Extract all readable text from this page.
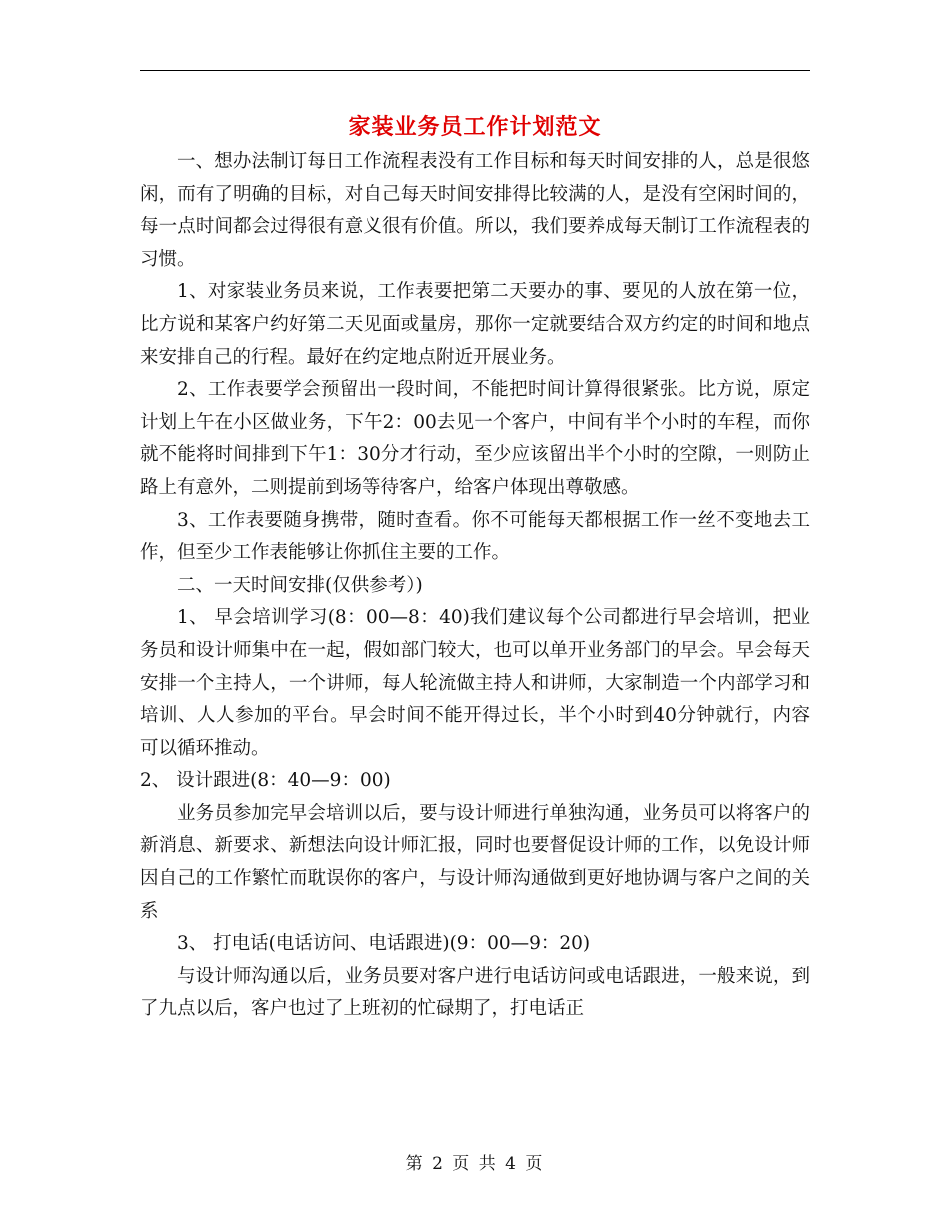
家装业务员工作计划范文

一、想办法制订每日工作流程表没有工作目标和每天时间安排的人，总是很悠闲，而有了明确的目标，对自己每天时间安排得比较满的人，是没有空闲时间的，每一点时间都会过得很有意义很有价值。所以，我们要养成每天制订工作流程表的习惯。

1、对家装业务员来说，工作表要把第二天要办的事、要见的人放在第一位，比方说和某客户约好第二天见面或量房，那你一定就要结合双方约定的时间和地点来安排自己的行程。最好在约定地点附近开展业务。

2、工作表要学会预留出一段时间，不能把时间计算得很紧张。比方说，原定计划上午在小区做业务，下午2：00去见一个客户，中间有半个小时的车程，而你就不能将时间排到下午1：30分才行动，至少应该留出半个小时的空隙，一则防止路上有意外，二则提前到场等待客户，给客户体现出尊敬感。

3、工作表要随身携带，随时查看。你不可能每天都根据工作一丝不变地去工作，但至少工作表能够让你抓住主要的工作。

二、一天时间安排(仅供参考）)

1、 早会培训学习(8：00—8：40)我们建议每个公司都进行早会培训，把业务员和设计师集中在一起，假如部门较大，也可以单开业务部门的早会。早会每天安排一个主持人，一个讲师，每人轮流做主持人和讲师，大家制造一个内部学习和培训、人人参加的平台。早会时间不能开得过长，半个小时到40分钟就行，内容可以循环推动。

2、 设计跟进(8：40—9：00)

业务员参加完早会培训以后，要与设计师进行单独沟通，业务员可以将客户的新消息、新要求、新想法向设计师汇报，同时也要督促设计师的工作，以免设计师因自己的工作繁忙而耽误你的客户，与设计师沟通做到更好地协调与客户之间的关系

3、 打电话(电话访问、电话跟进)(9：00—9：20)

与设计师沟通以后，业务员要对客户进行电话访问或电话跟进，一般来说，到了九点以后，客户也过了上班初的忙碌期了，打电话正

第 2 页 共 4 页
